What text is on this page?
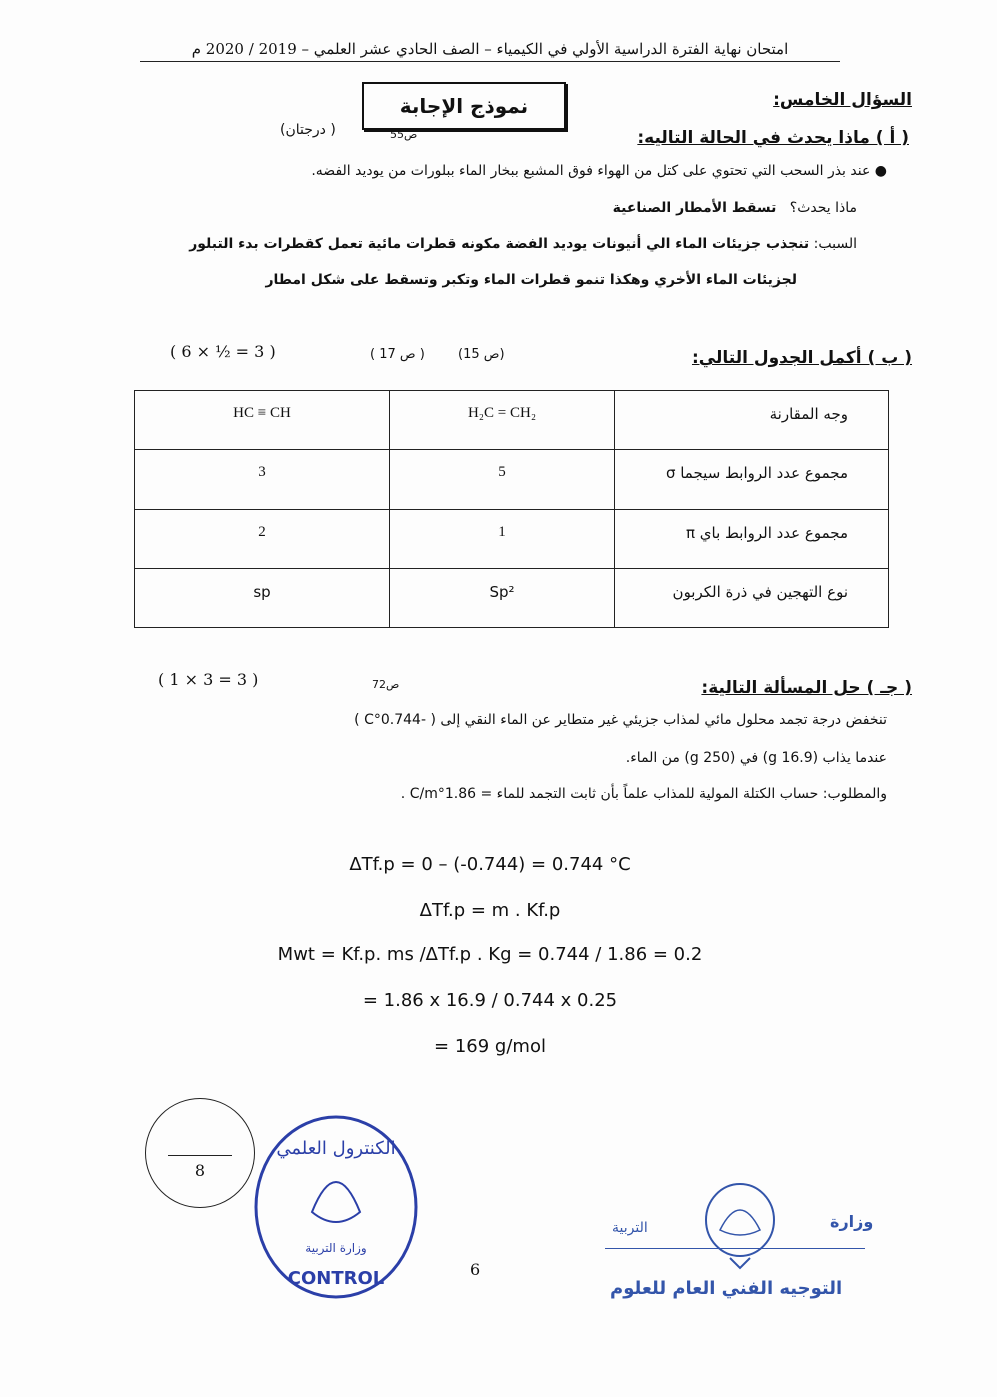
امتحان نهاية الفترة الدراسية الأولي في الكيمياء – الصف الحادي عشر العلمي – 2019 / 2020 م
نموذج الإجابة	السؤال الخامس:
( أ ) ماذا يحدث في الحالة التاليه:
ص55
( درجتان)
● عند بذر السحب التي تحتوي على كتل من الهواء فوق المشبع ببخار الماء ببلورات من يوديد الفضه.
ماذا يحدث؟   تسقط الأمطار الصناعية
السبب: تنجذب جزيئات الماء الي أنيونات يوديد الفضة مكونه قطرات مائية تعمل كقطرات بدء التبلور
لجزيئات الماء الأخري وهكذا تنمو قطرات الماء وتكبر وتسقط على شكل امطار
( ب ) أكمل الجدول التالي:
(ص 15)
( ص 17 )
( 6 × ½ = 3 )
HC ≡ CH	H₂C = CH₂	وجه المقارنة
3	5	مجموع عدد الروابط سيجما σ
2	1	مجموع عدد الروابط باي π
sp	Sp²	نوع التهجين في ذرة الكربون
( جـ ) حل المسألة التالية:
ص72
( 1 × 3 = 3 )
تنخفض درجة تجمد محلول مائي لمذاب جزيئي غير متطاير عن الماء النقي إلى ( -0.744°C )
عندما يذاب (16.9 g) في (250 g) من الماء.
والمطلوب: حساب الكتلة المولية للمذاب علماً بأن ثابت التجمد للماء = 1.86°C/m .
ΔTf.p = 0 – (-0.744) = 0.744 °C
ΔTf.p = m . Kf.p
Mwt = Kf.p. ms /ΔTf.p . Kg = 0.744 / 1.86 = 0.2
= 1.86 x 16.9 / 0.744 x 0.25
= 169 g/mol
8
الكنترول العلمي
وزارة التربية
CONTROL	6
وزارة
التربية
التوجيه الفني العام للعلوم
